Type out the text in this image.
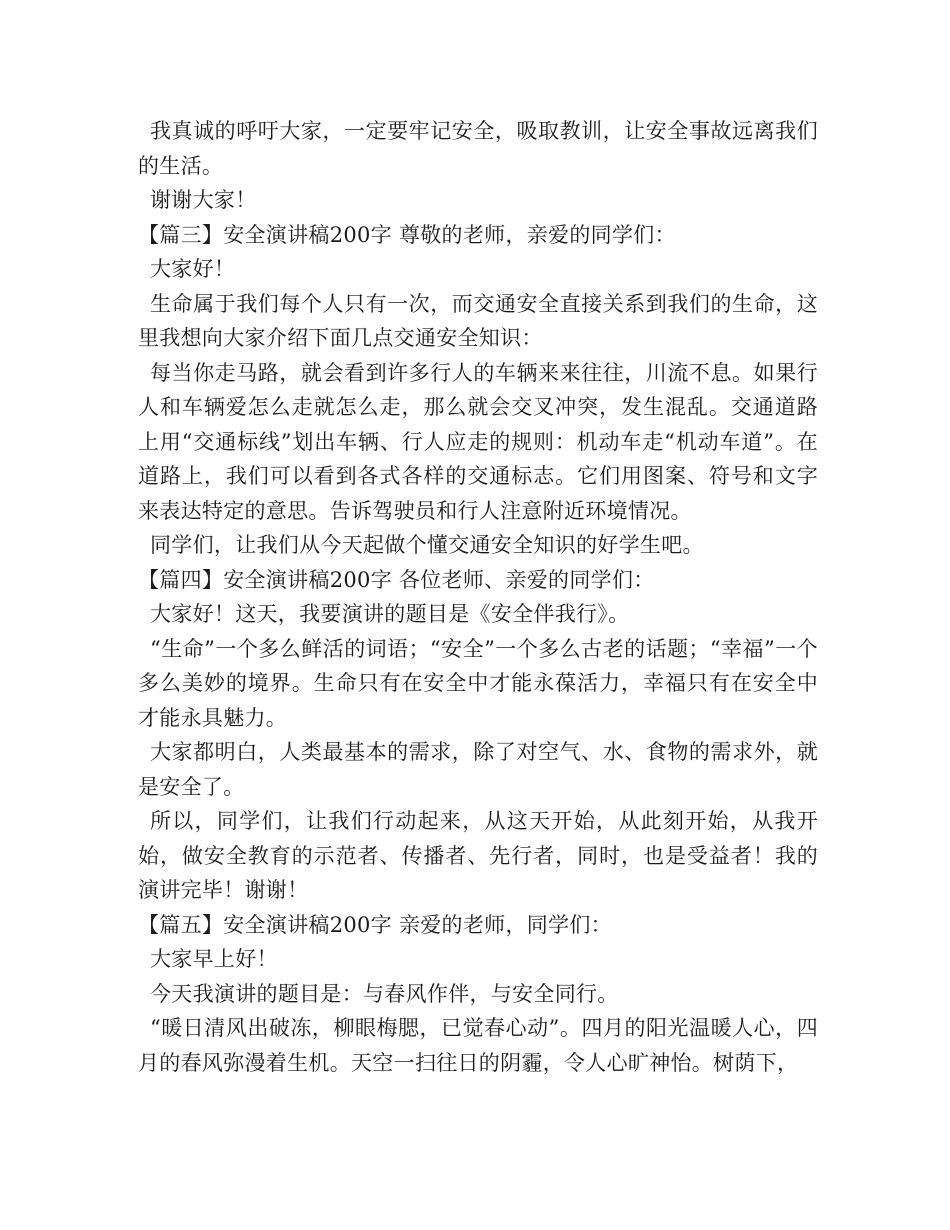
我真诚的呼吁大家，一定要牢记安全，吸取教训，让安全事故远离我们的生活。

谢谢大家！

【篇三】安全演讲稿200字 尊敬的老师，亲爱的同学们：

大家好！

生命属于我们每个人只有一次，而交通安全直接关系到我们的生命，这里我想向大家介绍下面几点交通安全知识：

每当你走马路，就会看到许多行人的车辆来来往往，川流不息。如果行人和车辆爱怎么走就怎么走，那么就会交叉冲突，发生混乱。交通道路上用“交通标线”划出车辆、行人应走的规则：机动车走“机动车道”。在道路上，我们可以看到各式各样的交通标志。它们用图案、符号和文字来表达特定的意思。告诉驾驶员和行人注意附近环境情况。

同学们，让我们从今天起做个懂交通安全知识的好学生吧。

【篇四】安全演讲稿200字 各位老师、亲爱的同学们：

大家好！这天，我要演讲的题目是《安全伴我行》。

“生命”一个多么鲜活的词语；“安全”一个多么古老的话题；“幸福”一个多么美妙的境界。生命只有在安全中才能永葆活力，幸福只有在安全中才能永具魅力。

大家都明白，人类最基本的需求，除了对空气、水、食物的需求外，就是安全了。

所以，同学们，让我们行动起来，从这天开始，从此刻开始，从我开始，做安全教育的示范者、传播者、先行者，同时，也是受益者！我的演讲完毕！谢谢！

【篇五】安全演讲稿200字 亲爱的老师，同学们：

大家早上好！

今天我演讲的题目是：与春风作伴，与安全同行。

“暖日清风出破冻，柳眼梅腮，已觉春心动”。四月的阳光温暖人心，四月的春风弥漫着生机。天空一扫往日的阴霾，令人心旷神怡。树荫下，
